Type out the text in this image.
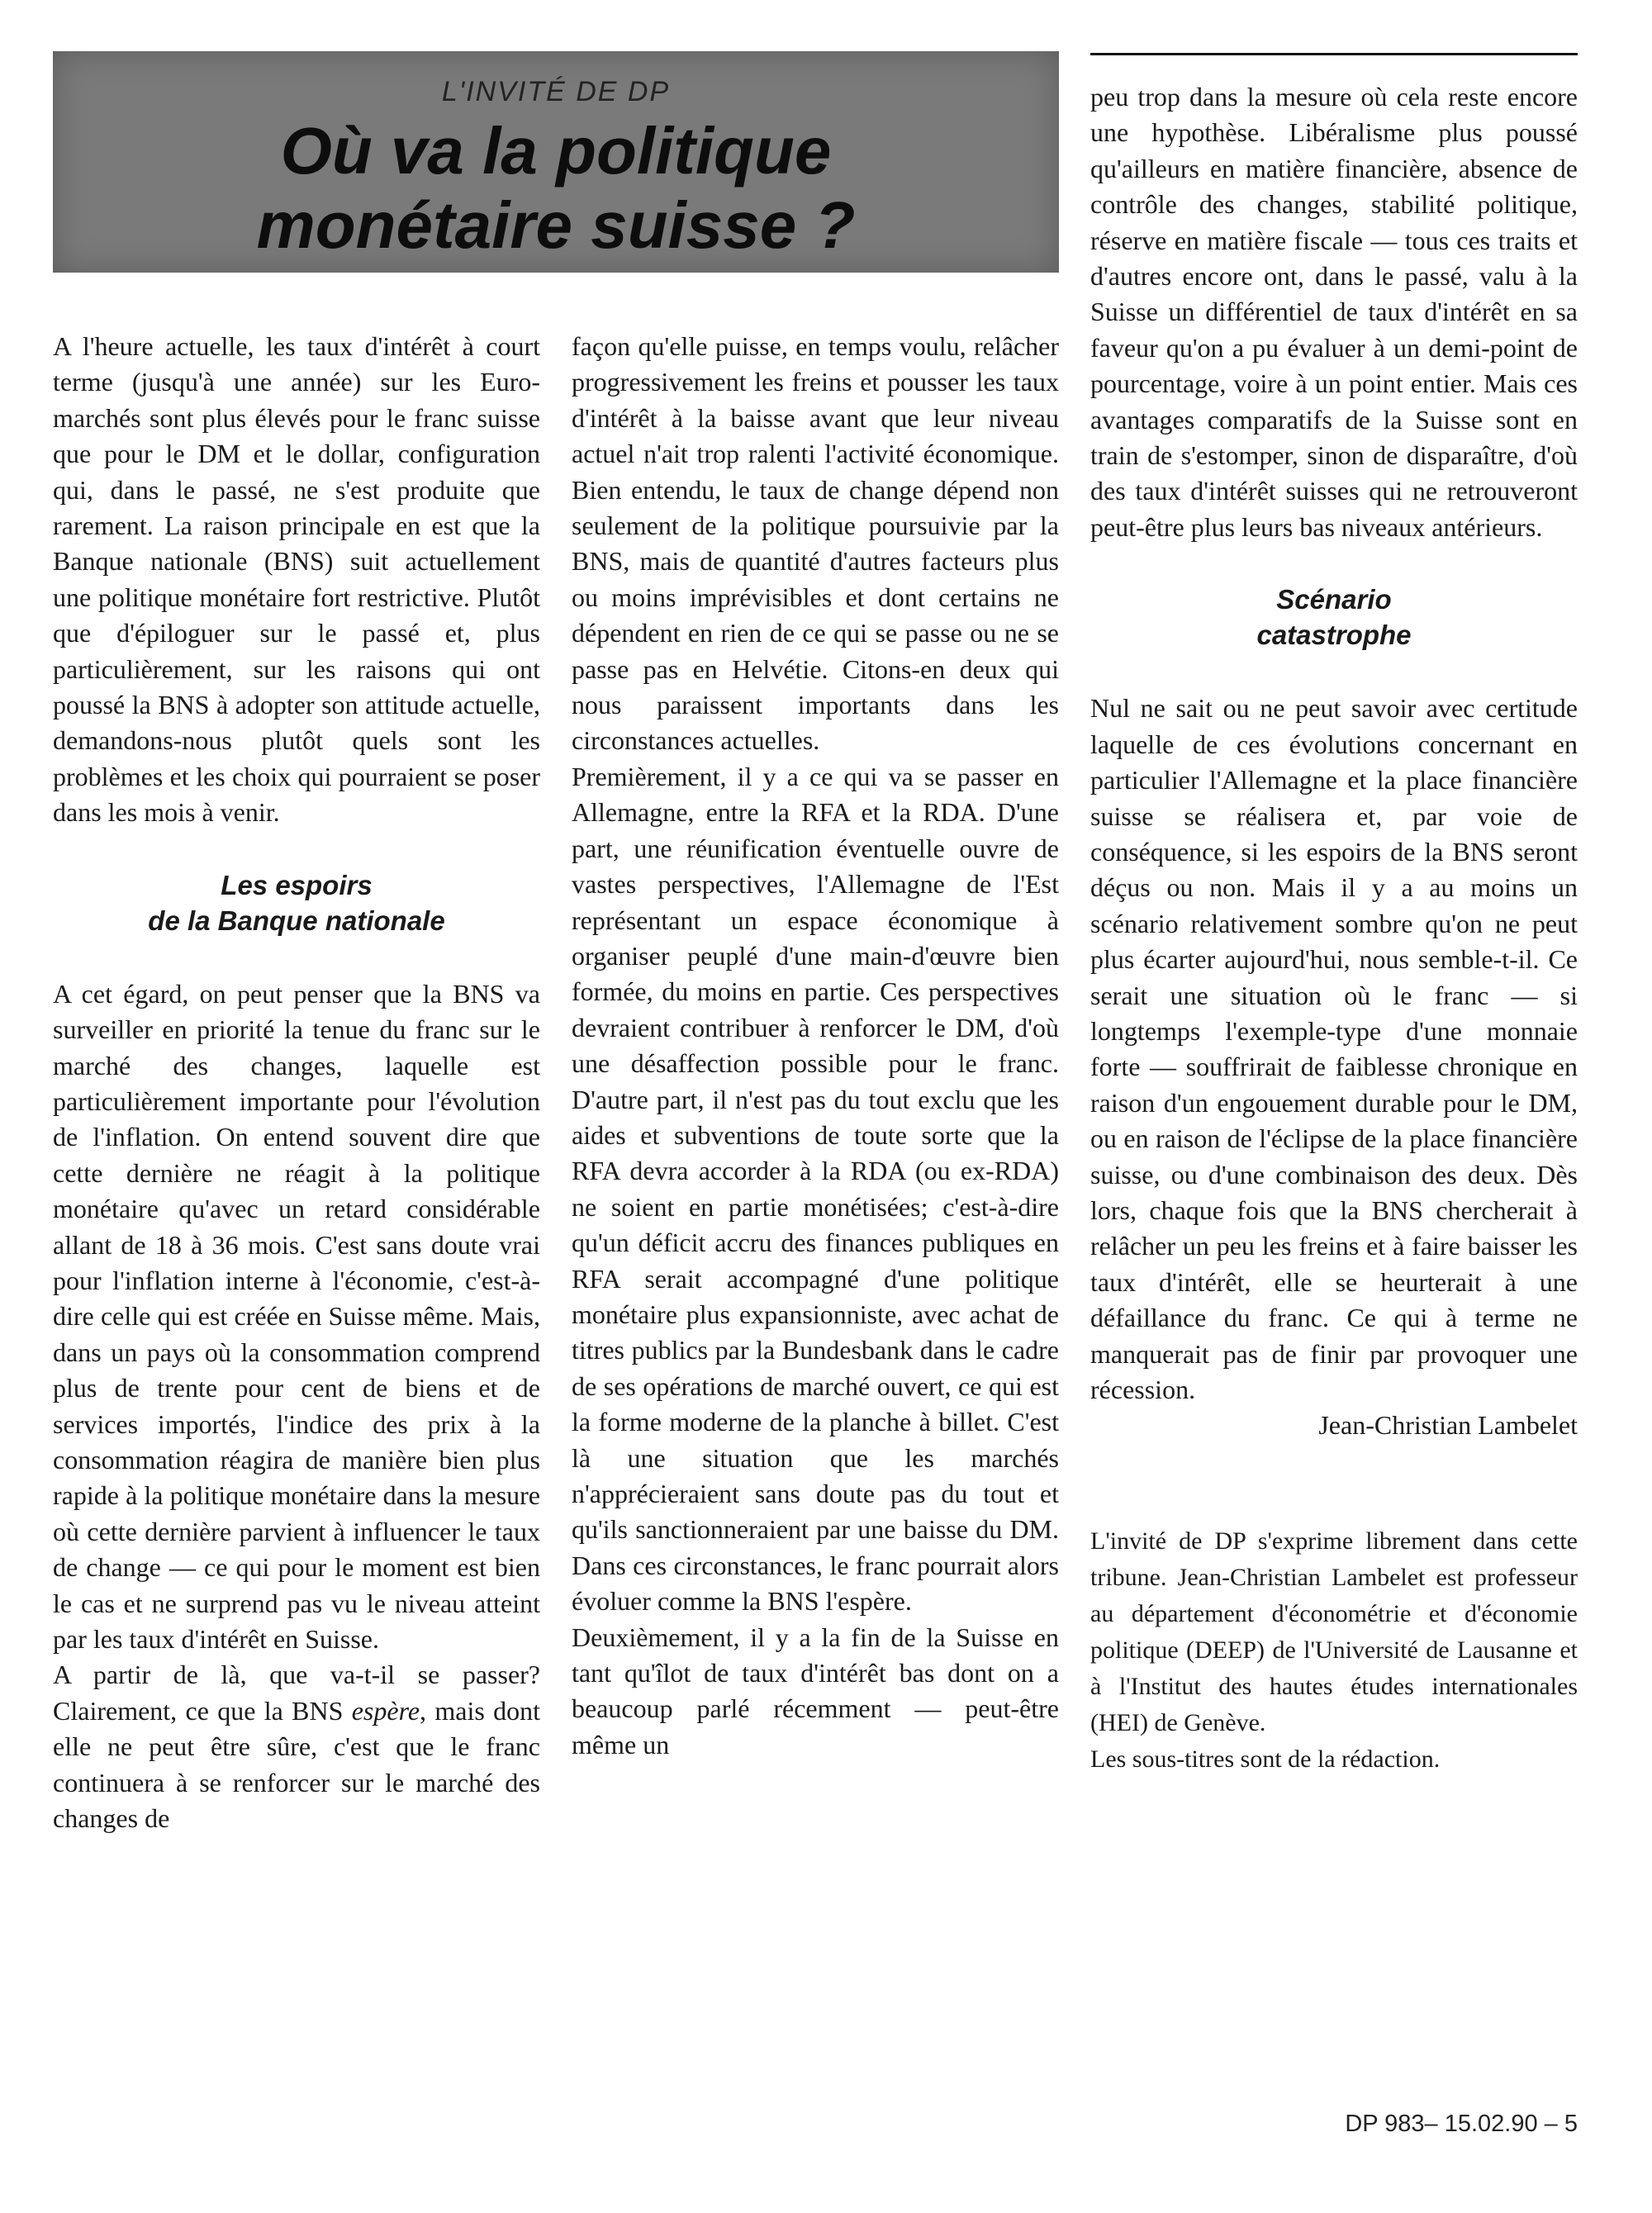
L'INVITÉ DE DP
Où va la politique
monétaire suisse ?

A l'heure actuelle, les taux d'intérêt à court terme (jusqu'à une année) sur les Euro-marchés sont plus élevés pour le franc suisse que pour le DM et le dollar, configuration qui, dans le passé, ne s'est produite que rarement. La raison principale en est que la Banque nationale (BNS) suit actuellement une politique monétaire fort restrictive. Plutôt que d'épiloguer sur le passé et, plus particulièrement, sur les raisons qui ont poussé la BNS à adopter son attitude actuelle, demandons-nous plutôt quels sont les problèmes et les choix qui pourraient se poser dans les mois à venir.

Les espoirs
de la Banque nationale

A cet égard, on peut penser que la BNS va surveiller en priorité la tenue du franc sur le marché des changes, laquelle est particulièrement importante pour l'évolution de l'inflation. On entend souvent dire que cette dernière ne réagit à la politique monétaire qu'avec un retard considérable allant de 18 à 36 mois. C'est sans doute vrai pour l'inflation interne à l'économie, c'est-à-dire celle qui est créée en Suisse même. Mais, dans un pays où la consommation comprend plus de trente pour cent de biens et de services importés, l'indice des prix à la consommation réagira de manière bien plus rapide à la politique monétaire dans la mesure où cette dernière parvient à influencer le taux de change — ce qui pour le moment est bien le cas et ne surprend pas vu le niveau atteint par les taux d'intérêt en Suisse.

A partir de là, que va-t-il se passer? Clairement, ce que la BNS espère, mais dont elle ne peut être sûre, c'est que le franc continuera à se renforcer sur le marché des changes de

façon qu'elle puisse, en temps voulu, relâcher progressivement les freins et pousser les taux d'intérêt à la baisse avant que leur niveau actuel n'ait trop ralenti l'activité économique. Bien entendu, le taux de change dépend non seulement de la politique poursuivie par la BNS, mais de quantité d'autres facteurs plus ou moins imprévisibles et dont certains ne dépendent en rien de ce qui se passe ou ne se passe pas en Helvétie. Citons-en deux qui nous paraissent importants dans les circonstances actuelles.

Premièrement, il y a ce qui va se passer en Allemagne, entre la RFA et la RDA. D'une part, une réunification éventuelle ouvre de vastes perspectives, l'Allemagne de l'Est représentant un espace économique à organiser peuplé d'une main-d'œuvre bien formée, du moins en partie. Ces perspectives devraient contribuer à renforcer le DM, d'où une désaffection possible pour le franc. D'autre part, il n'est pas du tout exclu que les aides et subventions de toute sorte que la RFA devra accorder à la RDA (ou ex-RDA) ne soient en partie monétisées; c'est-à-dire qu'un déficit accru des finances publiques en RFA serait accompagné d'une politique monétaire plus expansionniste, avec achat de titres publics par la Bundesbank dans le cadre de ses opérations de marché ouvert, ce qui est la forme moderne de la planche à billet. C'est là une situation que les marchés n'apprécieraient sans doute pas du tout et qu'ils sanctionneraient par une baisse du DM. Dans ces circonstances, le franc pourrait alors évoluer comme la BNS l'espère.

Deuxièmement, il y a la fin de la Suisse en tant qu'îlot de taux d'intérêt bas dont on a beaucoup parlé récemment — peut-être même un

peu trop dans la mesure où cela reste encore une hypothèse. Libéralisme plus poussé qu'ailleurs en matière financière, absence de contrôle des changes, stabilité politique, réserve en matière fiscale — tous ces traits et d'autres encore ont, dans le passé, valu à la Suisse un différentiel de taux d'intérêt en sa faveur qu'on a pu évaluer à un demi-point de pourcentage, voire à un point entier. Mais ces avantages comparatifs de la Suisse sont en train de s'estomper, sinon de disparaître, d'où des taux d'intérêt suisses qui ne retrouveront peut-être plus leurs bas niveaux antérieurs.

Scénario
catastrophe

Nul ne sait ou ne peut savoir avec certitude laquelle de ces évolutions concernant en particulier l'Allemagne et la place financière suisse se réalisera et, par voie de conséquence, si les espoirs de la BNS seront déçus ou non. Mais il y a au moins un scénario relativement sombre qu'on ne peut plus écarter aujourd'hui, nous semble-t-il. Ce serait une situation où le franc — si longtemps l'exemple-type d'une monnaie forte — souffrirait de faiblesse chronique en raison d'un engouement durable pour le DM, ou en raison de l'éclipse de la place financière suisse, ou d'une combinaison des deux. Dès lors, chaque fois que la BNS chercherait à relâcher un peu les freins et à faire baisser les taux d'intérêt, elle se heurterait à une défaillance du franc. Ce qui à terme ne manquerait pas de finir par provoquer une récession.

Jean-Christian Lambelet

L'invité de DP s'exprime librement dans cette tribune. Jean-Christian Lambelet est professeur au département d'économétrie et d'économie politique (DEEP) de l'Université de Lausanne et à l'Institut des hautes études internationales (HEI) de Genève.

Les sous-titres sont de la rédaction.

DP 983– 15.02.90 – 5
